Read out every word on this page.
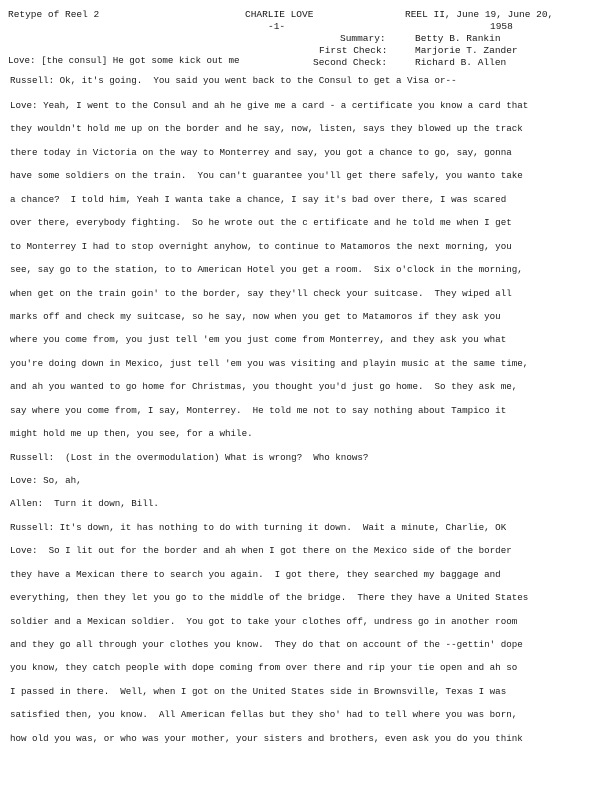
Retype of Reel 2	CHARLIE LOVE
-1-
REEL II, June 19, June 20,
1958
Summary:	Betty B. Rankin
First Check:	Marjorie T. Zander
Second Check:	Richard B. Allen
Love: [the consul] He got some kick out me
Russell: Ok, it's going.  You said you went back to the Consul to get a Visa or--
Love: Yeah, I went to the Consul and ah he give me a card - a certificate you know a card that
they wouldn't hold me up on the border and he say, now, listen, says they blowed up the track
there today in Victoria on the way to Monterrey and say, you got a chance to go, say, gonna
have some soldiers on the train.  You can't guarantee you'll get there safely, you wanto take
a chance?  I told him, Yeah I wanta take a chance, I say it's bad over there, I was scared
over there, everybody fighting.  So he wrote out the c ertificate and he told me when I get
to Monterrey I had to stop overnight anyhow, to continue to Matamoros the next morning, you
see, say go to the station, to to American Hotel you get a room.  Six o'clock in the morning,
when get on the train goin' to the border, say they'll check your suitcase.  They wiped all
marks off and check my suitcase, so he say, now when you get to Matamoros if they ask you
where you come from, you just tell 'em you just come from Monterrey, and they ask you what
you're doing down in Mexico, just tell 'em you was visiting and playin music at the same time,
and ah you wanted to go home for Christmas, you thought you'd just go home.  So they ask me,
say where you come from, I say, Monterrey.  He told me not to say nothing about Tampico it
might hold me up then, you see, for a while.
Russell:  (Lost in the overmodulation) What is wrong?  Who knows?
Love: So, ah,
Allen:  Turn it down, Bill.
Russell: It's down, it has nothing to do with turning it down.  Wait a minute, Charlie, OK
Love:  So I lit out for the border and ah when I got there on the Mexico side of the border
they have a Mexican there to search you again.  I got there, they searched my baggage and
everything, then they let you go to the middle of the bridge.  There they have a United States
soldier and a Mexican soldier.  You got to take your clothes off, undress go in another room
and they go all through your clothes you know.  They do that on account of the --gettin' dope
you know, they catch people with dope coming from over there and rip your tie open and ah so
I passed in there.  Well, when I got on the United States side in Brownsville, Texas I was
satisfied then, you know.  All American fellas but they sho' had to tell where you was born,
how old you was, or who was your mother, your sisters and brothers, even ask you do you think
